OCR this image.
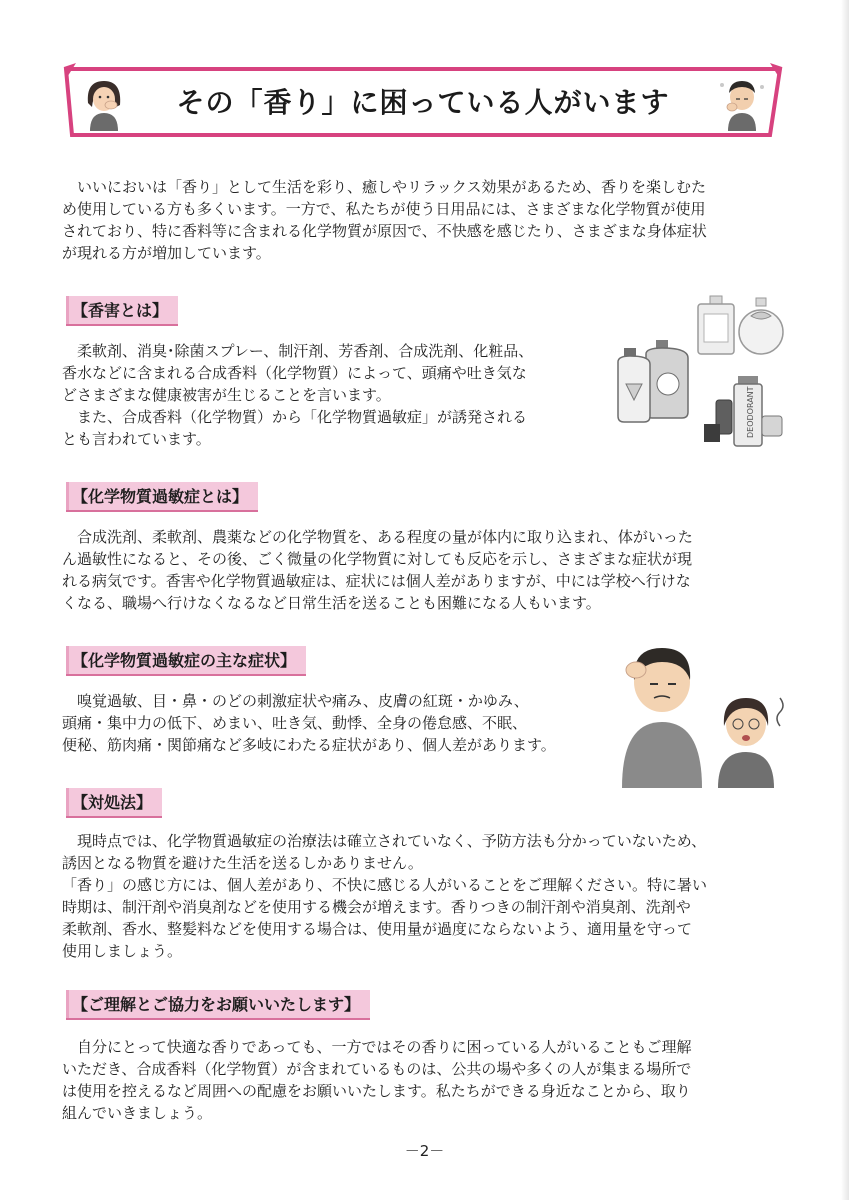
その「香り」に困っている人がいます
いいにおいは「香り」として生活を彩り、癒しやリラックス効果があるため、香りを楽しむた
め使用している方も多くいます。一方で、私たちが使う日用品には、さまざまな化学物質が使用
されており、特に香料等に含まれる化学物質が原因で、不快感を感じたり、さまざまな身体症状
が現れる方が増加しています。
【香害とは】
柔軟剤、消臭･除菌スプレー、制汗剤、芳香剤、合成洗剤、化粧品、
香水などに含まれる合成香料（化学物質）によって、頭痛や吐き気な
どさまざまな健康被害が生じることを言います。
また、合成香料（化学物質）から「化学物質過敏症」が誘発される
とも言われています。
DEODORANT
【化学物質過敏症とは】
合成洗剤、柔軟剤、農薬などの化学物質を、ある程度の量が体内に取り込まれ、体がいった
ん過敏性になると、その後、ごく微量の化学物質に対しても反応を示し、さまざまな症状が現
れる病気です。香害や化学物質過敏症は、症状には個人差がありますが、中には学校へ行けな
くなる、職場へ行けなくなるなど日常生活を送ることも困難になる人もいます。
【化学物質過敏症の主な症状】
嗅覚過敏、目・鼻・のどの刺激症状や痛み、皮膚の紅斑・かゆみ、
頭痛・集中力の低下、めまい、吐き気、動悸、全身の倦怠感、不眠、
便秘、筋肉痛・関節痛など多岐にわたる症状があり、個人差があります。
【対処法】
現時点では、化学物質過敏症の治療法は確立されていなく、予防方法も分かっていないため、
誘因となる物質を避けた生活を送るしかありません。
「香り」の感じ方には、個人差があり、不快に感じる人がいることをご理解ください。特に暑い
時期は、制汗剤や消臭剤などを使用する機会が増えます。香りつきの制汗剤や消臭剤、洗剤や
柔軟剤、香水、整髪料などを使用する場合は、使用量が過度にならないよう、適用量を守って
使用しましょう。
【ご理解とご協力をお願いいたします】
自分にとって快適な香りであっても、一方ではその香りに困っている人がいることもご理解
いただき、合成香料（化学物質）が含まれているものは、公共の場や多くの人が集まる場所で
は使用を控えるなど周囲への配慮をお願いいたします。私たちができる身近なことから、取り
組んでいきましょう。
－2－
